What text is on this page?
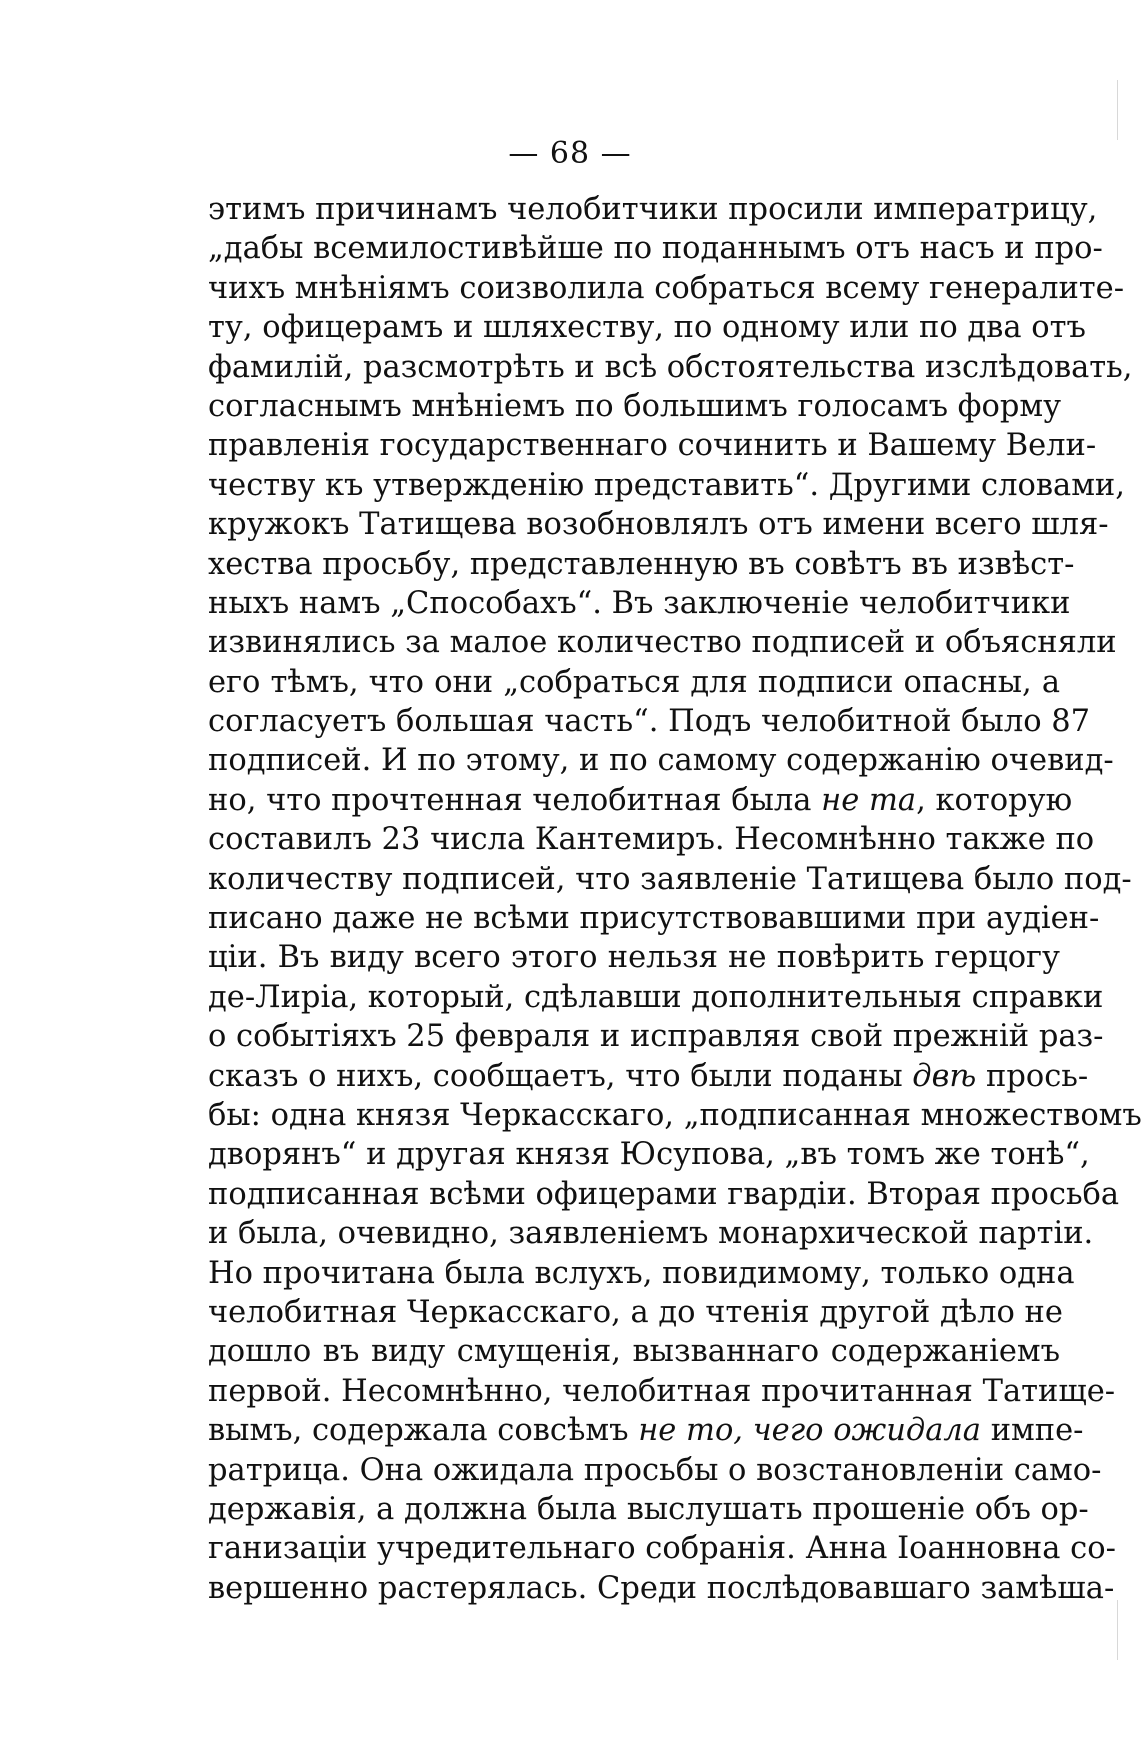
— 68 —
этимъ причинамъ челобитчики просили императрицу,
„дабы всемилостивѣйше по поданнымъ отъ насъ и про-
чихъ мнѣніямъ соизволила собраться всему генералите-
ту, офицерамъ и шляхеству, по одному или по два отъ
фамилій, разсмотрѣть и всѣ обстоятельства изслѣдовать,
согласнымъ мнѣніемъ по большимъ голосамъ форму
правленія государственнаго сочинить и Вашему Вели-
честву къ утвержденію представить“. Другими словами,
кружокъ Татищева возобновлялъ отъ имени всего шля-
хества просьбу, представленную въ совѣтъ въ извѣст-
ныхъ намъ „Способахъ“. Въ заключеніе челобитчики
извинялись за малое количество подписей и объясняли
его тѣмъ, что они „собраться для подписи опасны, а
согласуетъ большая часть“. Подъ челобитной было 87
подписей. И по этому, и по самому содержанію очевид-
но, что прочтенная челобитная была не та, которую
составилъ 23 числа Кантемиръ. Несомнѣнно также по
количеству подписей, что заявленіе Татищева было под-
писано даже не всѣми присутствовавшими при аудіен-
ціи. Въ виду всего этого нельзя не повѣрить герцогу
де-Лиріа, который, сдѣлавши дополнительныя справки
о событіяхъ 25 февраля и исправляя свой прежній раз-
сказъ о нихъ, сообщаетъ, что были поданы двѣ прось-
бы: одна князя Черкасскаго, „подписанная множествомъ
дворянъ“ и другая князя Юсупова, „въ томъ же тонѣ“,
подписанная всѣми офицерами гвардіи. Вторая просьба
и была, очевидно, заявленіемъ монархической партіи.
Но прочитана была вслухъ, повидимому, только одна
челобитная Черкасскаго, а до чтенія другой дѣло не
дошло въ виду смущенія, вызваннаго содержаніемъ
первой. Несомнѣнно, челобитная прочитанная Татище-
вымъ, содержала совсѣмъ не то, чего ожидала импе-
ратрица. Она ожидала просьбы о возстановленіи само-
державія, а должна была выслушать прошеніе объ ор-
ганизаціи учредительнаго собранія. Анна Іоанновна со-
вершенно растерялась. Среди послѣдовавшаго замѣша-
